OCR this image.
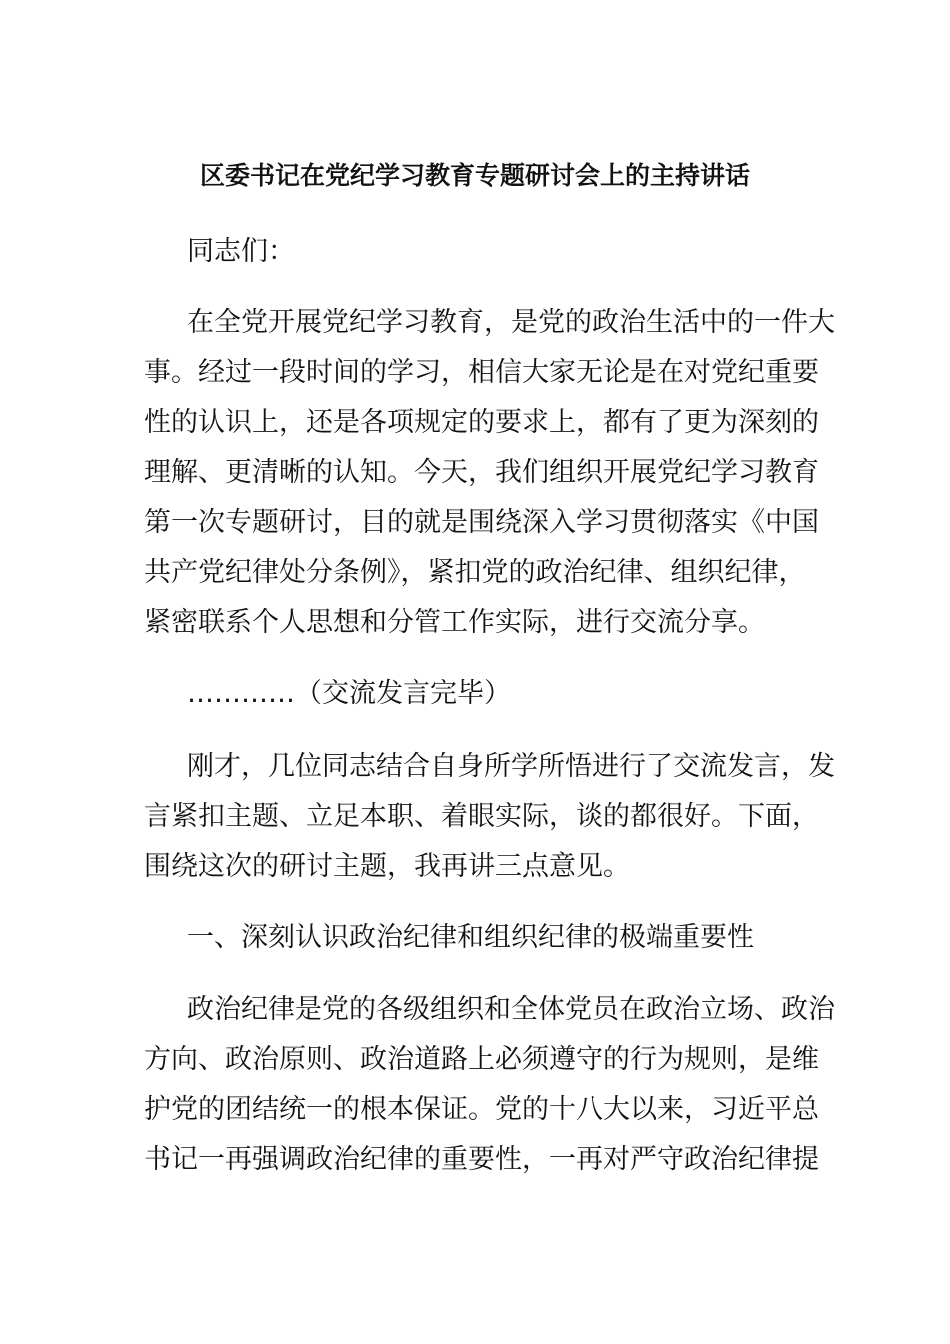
区委书记在党纪学习教育专题研讨会上的主持讲话
同志们：
在全党开展党纪学习教育，是党的政治生活中的一件大
事。经过一段时间的学习，相信大家无论是在对党纪重要
性的认识上，还是各项规定的要求上，都有了更为深刻的
理解、更清晰的认知。今天，我们组织开展党纪学习教育
第一次专题研讨，目的就是围绕深入学习贯彻落实《中国
共产党纪律处分条例》，紧扣党的政治纪律、组织纪律，
紧密联系个人思想和分管工作实际，进行交流分享。
…………（交流发言完毕）
刚才，几位同志结合自身所学所悟进行了交流发言，发
言紧扣主题、立足本职、着眼实际，谈的都很好。下面，
围绕这次的研讨主题，我再讲三点意见。
一、深刻认识政治纪律和组织纪律的极端重要性
政治纪律是党的各级组织和全体党员在政治立场、政治
方向、政治原则、政治道路上必须遵守的行为规则，是维
护党的团结统一的根本保证。党的十八大以来，习近平总
书记一再强调政治纪律的重要性，一再对严守政治纪律提
